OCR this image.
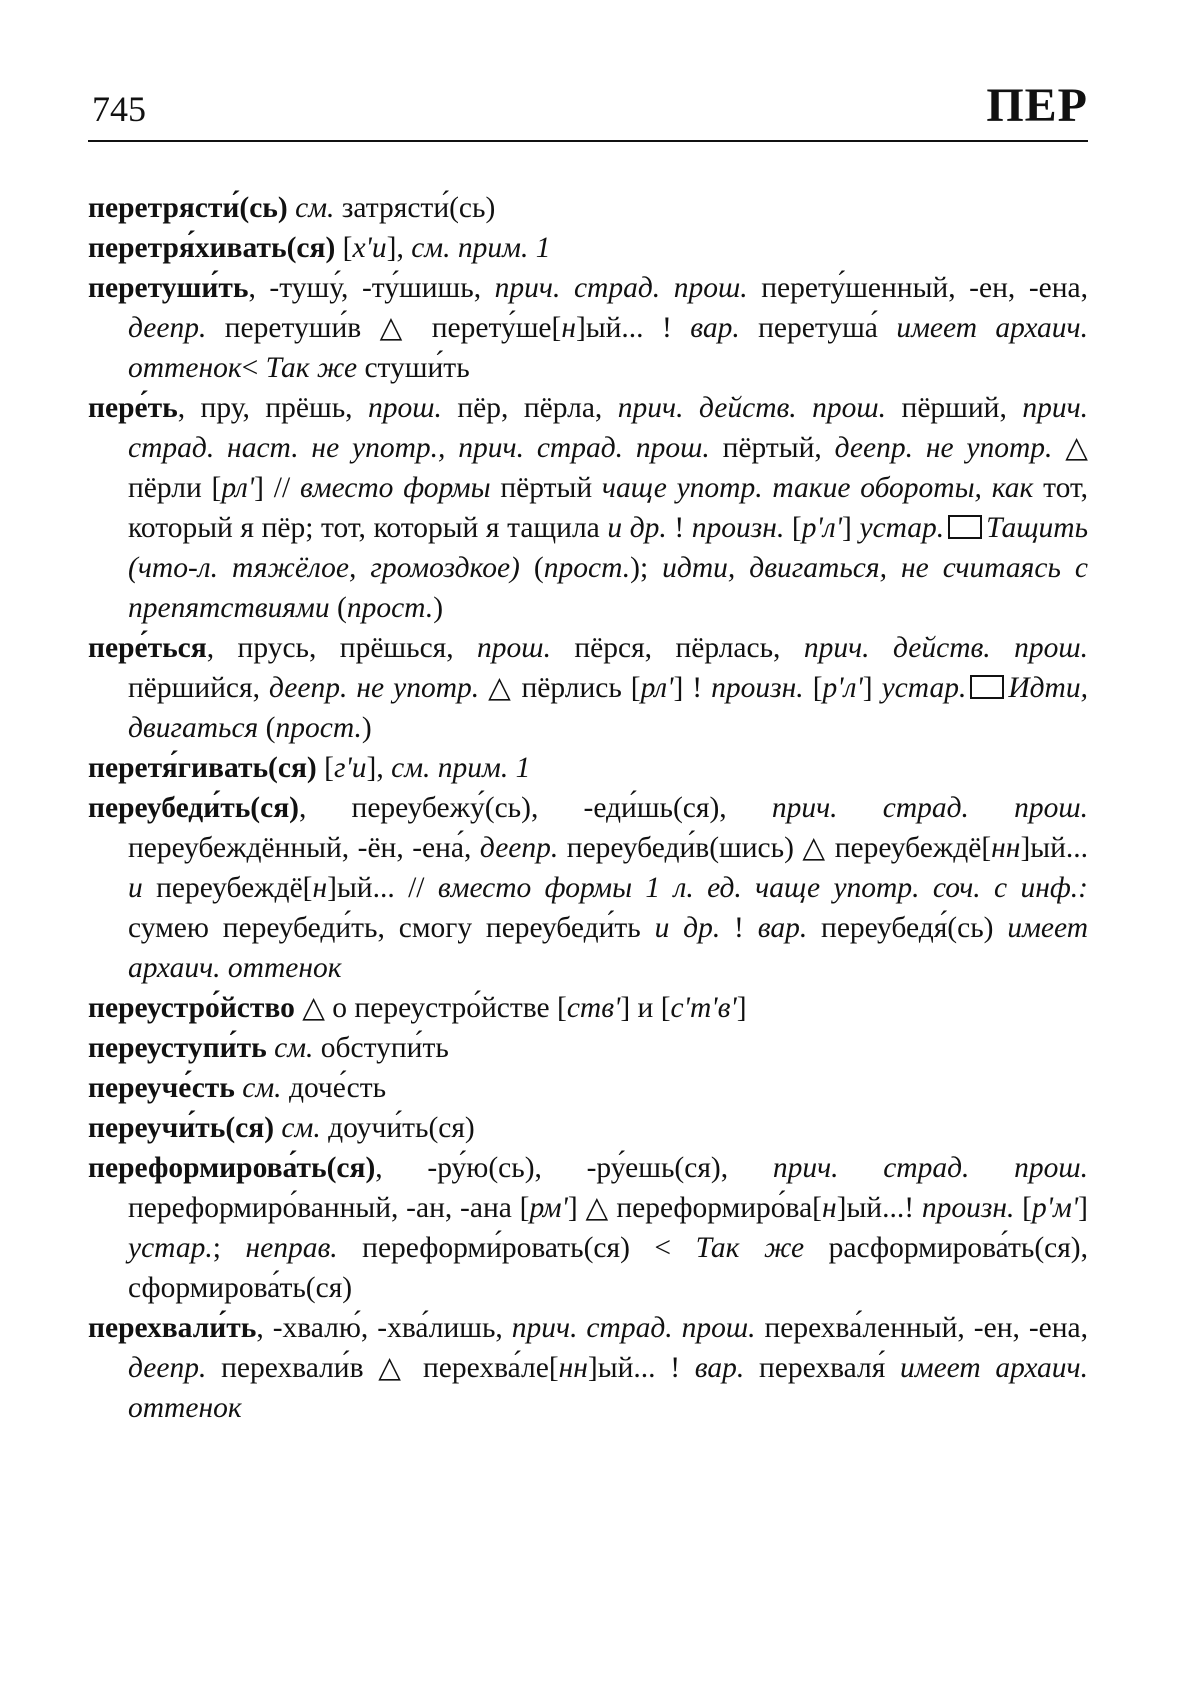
745	ПЕР

перетрясти́(сь) см. затрясти́(сь)

перетря́хивать(ся) [х'и], см. прим. 1

перетуши́ть, -тушу́, -ту́шишь, прич. страд. прош. перету́шенный, -ен, -ена, деепр. перетуши́в △ перету́ше[н]ый... ! вар. перетуша́ имеет архаич. оттенок< Так же стуши́ть

пере́ть, пру, прёшь, прош. пёр, пёрла, прич. действ. прош. пёрший, прич. страд. наст. не употр., прич. страд. прош. пёртый, деепр. не употр. △ пёрли [рл'] // вместо формы пёртый чаще употр. такие обороты, как тот, который я пёр; тот, который я тащила и др. ! произн. [р'л'] устар. Тащить (что-л. тяжёлое, громоздкое) (прост.); идти, двигаться, не считаясь с препятствиями (прост.)

пере́ться, прусь, прёшься, прош. пёрся, пёрлась, прич. действ. прош. пёршийся, деепр. не употр. △ пёрлись [рл'] ! произн. [р'л'] устар. Идти, двигаться (прост.)

перетя́гивать(ся) [г'и], см. прим. 1

переубеди́ть(ся), переубежу́(сь), -еди́шь(ся), прич. страд. прош. переубеждённый, -ён, -ена́, деепр. переубеди́в(шись) △ переубеждё[нн]ый... и переубеждё[н]ый... // вместо формы 1 л. ед. чаще употр. соч. с инф.: сумею переубеди́ть, смогу переубеди́ть и др. ! вар. переубедя́(сь) имеет архаич. оттенок

переустро́йство △ о переустро́йстве [ств'] и [с'т'в']

переуступи́ть см. обступи́ть

переуче́сть см. доче́сть

переучи́ть(ся) см. доучи́ть(ся)

переформирова́ть(ся), -ру́ю(сь), -ру́ешь(ся), прич. страд. прош. переформиро́ванный, -ан, -ана [рм'] △ переформиро́ва[н]ый...! произн. [р'м'] устар.; неправ. переформи́ровать(ся) < Так же расформирова́ть(ся), сформирова́ть(ся)

перехвали́ть, -хвалю́, -хва́лишь, прич. страд. прош. перехва́ленный, -ен, -ена, деепр. перехвали́в △ перехва́ле[нн]ый... ! вар. перехваля́ имеет архаич. оттенок
